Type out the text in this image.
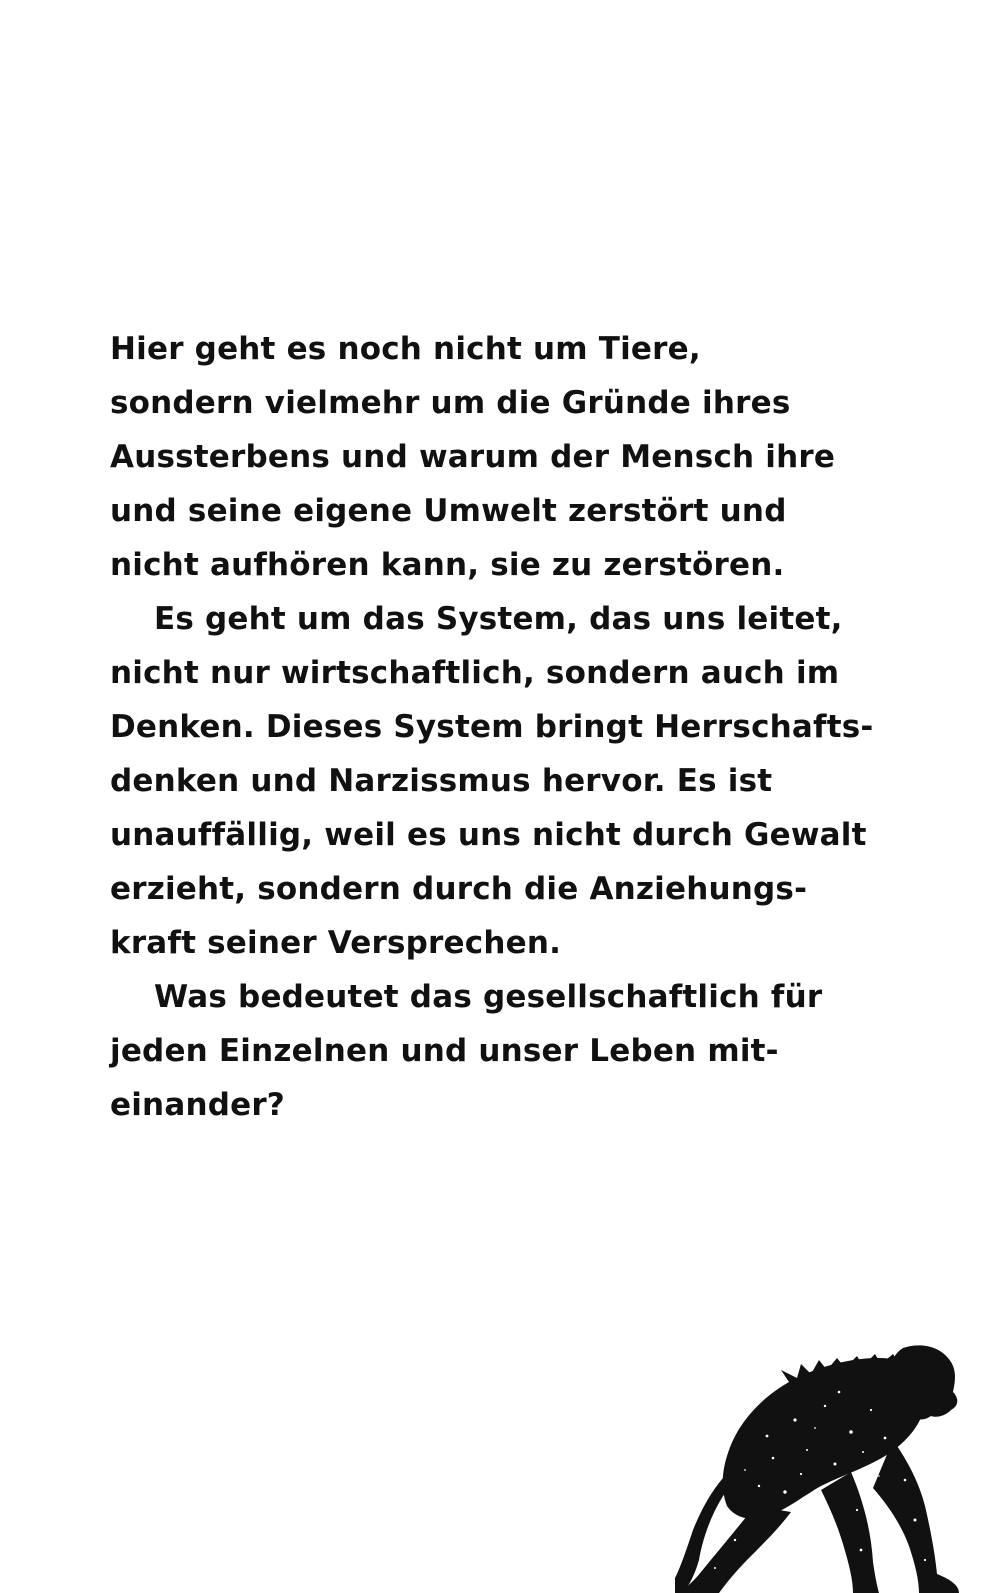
Hier geht es noch nicht um Tiere,
sondern vielmehr um die Gründe ihres
Aussterbens und warum der Mensch ihre
und seine eigene Umwelt zerstört und
nicht aufhören kann, sie zu zerstören.

Es geht um das System, das uns leitet,
nicht nur wirtschaftlich, sondern auch im
Denken. Dieses System bringt Herrschafts-
denken und Narzissmus hervor. Es ist
unauffällig, weil es uns nicht durch Gewalt
erzieht, sondern durch die Anziehungs-
kraft seiner Versprechen.

Was bedeutet das gesellschaftlich für
jeden Einzelnen und unser Leben mit-
einander?
